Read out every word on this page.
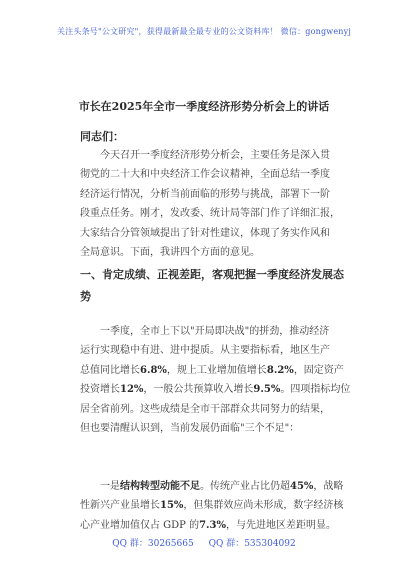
关注头条号"公文研究"，获得最新最全最专业的公文资料库！ 微信：gongwenyj
市长在2025年全市一季度经济形势分析会上的讲话
同志们：
今天召开一季度经济形势分析会，主要任务是深入贯
彻党的二十大和中央经济工作会议精神，全面总结一季度
经济运行情况，分析当前面临的形势与挑战，部署下一阶
段重点任务。刚才，发改委、统计局等部门作了详细汇报，
大家结合分管领域提出了针对性建议，体现了务实作风和
全局意识。下面，我讲四个方面的意见。
一、肯定成绩、正视差距，客观把握一季度经济发展态
势
一季度，全市上下以"开局即决战"的拼劲，推动经济
运行实现稳中有进、进中提质。从主要指标看，地区生产
总值同比增长6.8%，规上工业增加值增长8.2%，固定资产
投资增长12%，一般公共预算收入增长9.5%。四项指标均位
居全省前列。这些成绩是全市干部群众共同努力的结果，
但也要清醒认识到，当前发展仍面临"三个不足"：
一是结构转型动能不足。传统产业占比仍超45%，战略
性新兴产业虽增长15%，但集群效应尚未形成，数字经济核
心产业增加值仅占 GDP 的7.3%，与先进地区差距明显。
QQ 群：30265665 QQ 群：535304092
